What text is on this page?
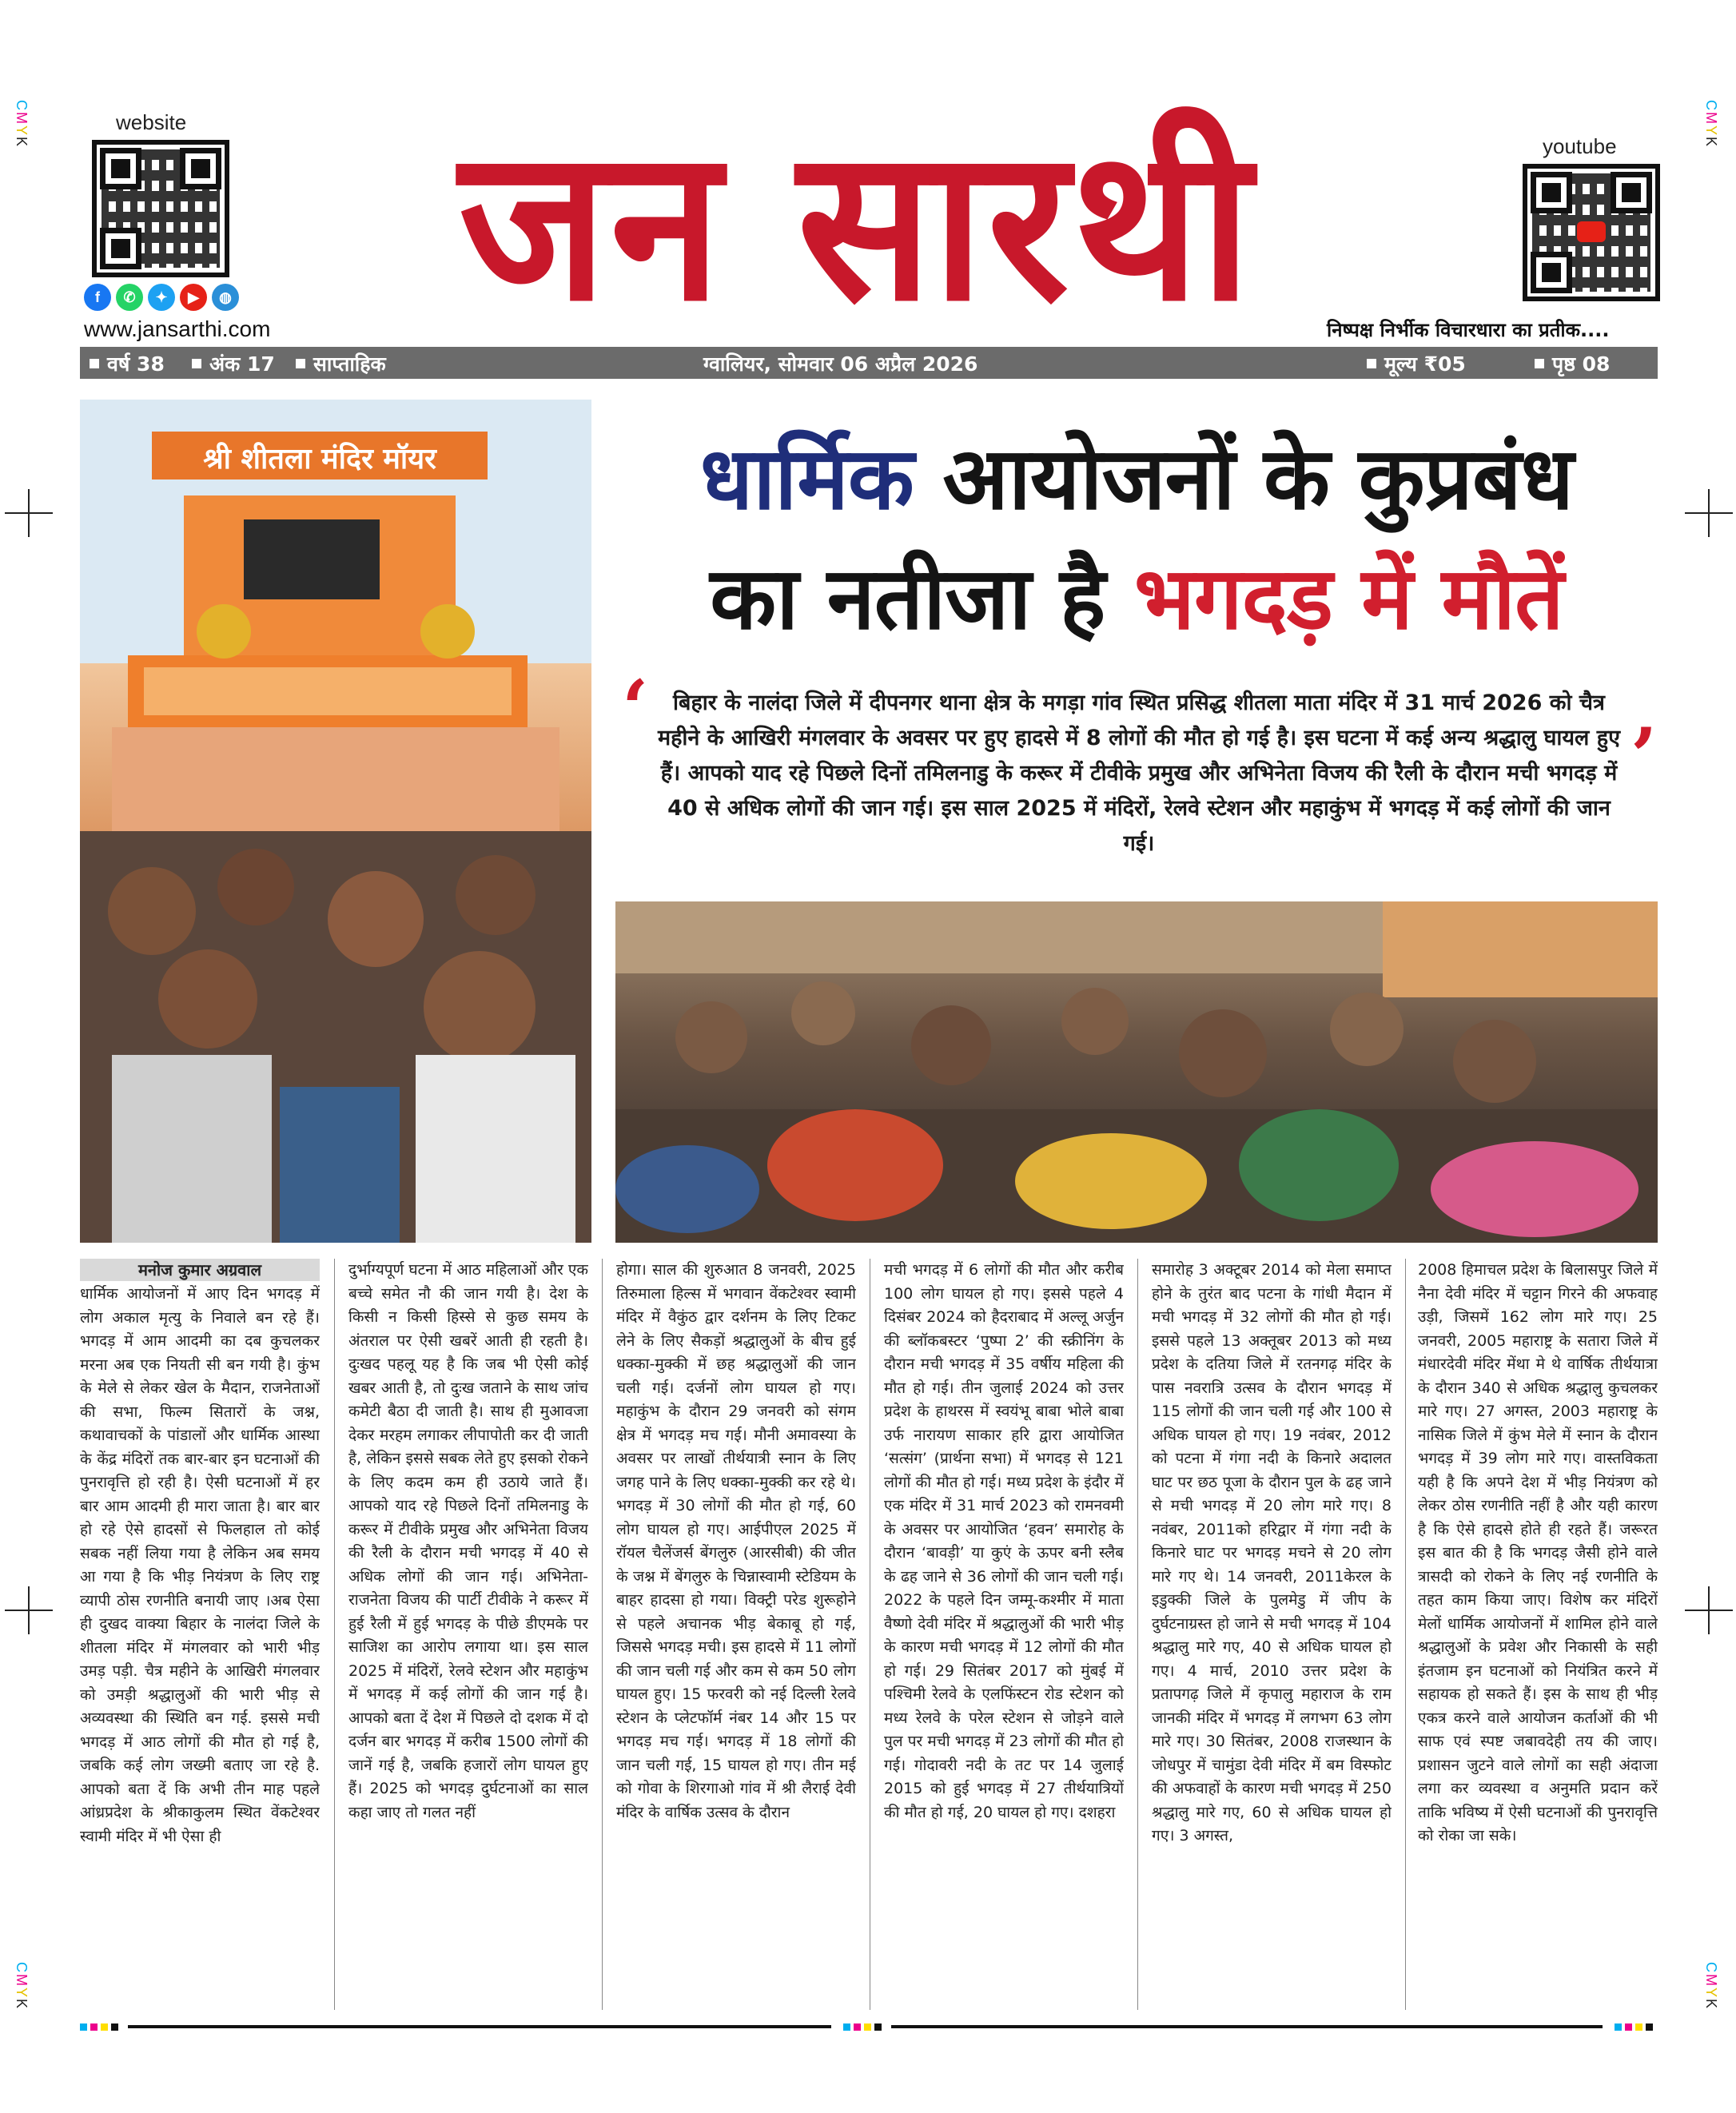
CMYK
CMYK
CMYK
CMYK
website
f	✆	✦	▶	◍
www.jansarthi.com जन सारथी	youtube
निष्पक्ष निर्भीक विचारधारा का प्रतीक....
वर्ष 38	अंक 17	साप्ताहिक	ग्वालियर, सोमवार 06 अप्रैल 2026	मूल्य ₹05	पृष्ठ 08
श्री शीतला मंदिर मॉयर	धार्मिक आयोजनों के कुप्रबंध
का नतीजा है भगदड़ में मौतें
‘
’
बिहार के नालंदा जिले में दीपनगर थाना क्षेत्र के मगड़ा गांव स्थित प्रसिद्ध शीतला माता मंदिर में 31 मार्च 2026 को चैत्र महीने के आखिरी मंगलवार के अवसर पर हुए हादसे में 8 लोगों की मौत हो गई है। इस घटना में कई अन्य श्रद्धालु घायल हुए हैं। आपको याद रहे पिछले दिनों तमिलनाडु के करूर में टीवीके प्रमुख और अभिनेता विजय की रैली के दौरान मची भगदड़ में 40 से अधिक लोगों की जान गई। इस साल 2025 में मंदिरों, रेलवे स्टेशन और महाकुंभ में भगदड़ में कई लोगों की जान गई।
मनोज कुमार अग्रवाल
धार्मिक आयोजनों में आए दिन भगदड़ में लोग अकाल मृत्यु के निवाले बन रहे हैं। भगदड़ में आम आदमी का दब कुचलकर मरना अब एक नियती सी बन गयी है। कुंभ के मेले से लेकर खेल के मैदान, राजनेताओं की सभा, फिल्म सितारों के जश्न, कथावाचकों के पांडालों और धार्मिक आस्था के केंद्र मंदिरों तक बार-बार इन घटनाओं की पुनरावृत्ति हो रही है। ऐसी घटनाओं में हर बार आम आदमी ही मारा जाता है। बार बार हो रहे ऐसे हादसों से फिलहाल तो कोई सबक नहीं लिया गया है लेकिन अब समय आ गया है कि भीड़ नियंत्रण के लिए राष्ट्र व्यापी ठोस रणनीति बनायी जाए ।अब ऐसा ही दुखद वाक्या बिहार के नालंदा जिले के शीतला मंदिर में मंगलवार को भारी भीड़ उमड़ पड़ी. चैत्र महीने के आखिरी मंगलवार को उमड़ी श्रद्धालुओं की भारी भीड़ से अव्यवस्था की स्थिति बन गई. इससे मची भगदड़ में आठ लोगों की मौत हो गई है, जबकि कई लोग जख्मी बताए जा रहे है. आपको बता दें कि अभी तीन माह पहले आंध्रप्रदेश के श्रीकाकुलम स्थित वेंकटेश्वर स्वामी मंदिर में भी ऐसा ही
दुर्भाग्यपूर्ण घटना में आठ महिलाओं और एक बच्चे समेत नौ की जान गयी है। देश के किसी न किसी हिस्से से कुछ समय के अंतराल पर ऐसी खबरें आती ही रहती है। दुःखद पहलू यह है कि जब भी ऐसी कोई खबर आती है, तो दुःख जताने के साथ जांच कमेटी बैठा दी जाती है। साथ ही मुआवजा देकर मरहम लगाकर लीपापोती कर दी जाती है, लेकिन इससे सबक लेते हुए इसको रोकने के लिए कदम कम ही उठाये जाते हैं। आपको याद रहे पिछले दिनों तमिलनाडु के करूर में टीवीके प्रमुख और अभिनेता विजय की रैली के दौरान मची भगदड़ में 40 से अधिक लोगों की जान गई। अभिनेता-राजनेता विजय की पार्टी टीवीके ने करूर में हुई रैली में हुई भगदड़ के पीछे डीएमके पर साजिश का आरोप लगाया था। इस साल 2025 में मंदिरों, रेलवे स्टेशन और महाकुंभ में भगदड़ में कई लोगों की जान गई है। आपको बता दें देश में पिछले दो दशक में दो दर्जन बार भगदड़ में करीब 1500 लोगों की जानें गई है, जबकि हजारों लोग घायल हुए हैं। 2025 को भगदड़ दुर्घटनाओं का साल कहा जाए तो गलत नहीं
होगा। साल की शुरुआत 8 जनवरी, 2025 तिरुमाला हिल्स में भगवान वेंकटेश्वर स्वामी मंदिर में वैकुंठ द्वार दर्शनम के लिए टिकट लेने के लिए सैकड़ों श्रद्धालुओं के बीच हुई धक्का-मुक्की में छह श्रद्धालुओं की जान चली गई। दर्जनों लोग घायल हो गए। महाकुंभ के दौरान 29 जनवरी को संगम क्षेत्र में भगदड़ मच गई। मौनी अमावस्या के अवसर पर लाखों तीर्थयात्री स्नान के लिए जगह पाने के लिए धक्का-मुक्की कर रहे थे। भगदड़ में 30 लोगों की मौत हो गई, 60 लोग घायल हो गए। आईपीएल 2025 में रॉयल चैलेंजर्स बेंगलुरु (आरसीबी) की जीत के जश्न में बेंगलुरु के चिन्नास्वामी स्टेडियम के बाहर हादसा हो गया। विक्ट्री परेड शुरूहोने से पहले अचानक भीड़ बेकाबू हो गई, जिससे भगदड़ मची। इस हादसे में 11 लोगों की जान चली गई और कम से कम 50 लोग घायल हुए। 15 फरवरी को नई दिल्ली रेलवे स्टेशन के प्लेटफॉर्म नंबर 14 और 15 पर भगदड़ मच गई। भगदड़ में 18 लोगों की जान चली गई, 15 घायल हो गए। तीन मई को गोवा के शिरगाओ गांव में श्री लैराई देवी मंदिर के वार्षिक उत्सव के दौरान
मची भगदड़ में 6 लोगों की मौत और करीब 100 लोग घायल हो गए। इससे पहले 4 दिसंबर 2024 को हैदराबाद में अल्लू अर्जुन की ब्लॉकबस्टर ‘पुष्पा 2’ की स्क्रीनिंग के दौरान मची भगदड़ में 35 वर्षीय महिला की मौत हो गई। तीन जुलाई 2024 को उत्तर प्रदेश के हाथरस में स्वयंभू बाबा भोले बाबा उर्फ नारायण साकार हरि द्वारा आयोजित ‘सत्संग’ (प्रार्थना सभा) में भगदड़ से 121 लोगों की मौत हो गई। मध्य प्रदेश के इंदौर में एक मंदिर में 31 मार्च 2023 को रामनवमी के अवसर पर आयोजित ‘हवन’ समारोह के दौरान ‘बावड़ी’ या कुएं के ऊपर बनी स्लैब के ढह जाने से 36 लोगों की जान चली गई। 2022 के पहले दिन जम्मू-कश्मीर में माता वैष्णो देवी मंदिर में श्रद्धालुओं की भारी भीड़ के कारण मची भगदड़ में 12 लोगों की मौत हो गई। 29 सितंबर 2017 को मुंबई में पश्चिमी रेलवे के एलफिंस्टन रोड स्टेशन को मध्य रेलवे के परेल स्टेशन से जोड़ने वाले पुल पर मची भगदड़ में 23 लोगों की मौत हो गई। गोदावरी नदी के तट पर 14 जुलाई 2015 को हुई भगदड़ में 27 तीर्थयात्रियों की मौत हो गई, 20 घायल हो गए। दशहरा
समारोह 3 अक्टूबर 2014 को मेला समाप्त होने के तुरंत बाद पटना के गांधी मैदान में मची भगदड़ में 32 लोगों की मौत हो गई। इससे पहले 13 अक्तूबर 2013 को मध्य प्रदेश के दतिया जिले में रतनगढ़ मंदिर के पास नवरात्रि उत्सव के दौरान भगदड़ में 115 लोगों की जान चली गई और 100 से अधिक घायल हो गए। 19 नवंबर, 2012 को पटना में गंगा नदी के किनारे अदालत घाट पर छठ पूजा के दौरान पुल के ढह जाने से मची भगदड़ में 20 लोग मारे गए। 8 नवंबर, 2011को हरिद्वार में गंगा नदी के किनारे घाट पर भगदड़ मचने से 20 लोग मारे गए थे। 14 जनवरी, 2011केरल के इडुक्की जिले के पुलमेडु में जीप के दुर्घटनाग्रस्त हो जाने से मची भगदड़ में 104 श्रद्धालु मारे गए, 40 से अधिक घायल हो गए। 4 मार्च, 2010 उत्तर प्रदेश के प्रतापगढ़ जिले में कृपालु महाराज के राम जानकी मंदिर में भगदड़ में लगभग 63 लोग मारे गए। 30 सितंबर, 2008 राजस्थान के जोधपुर में चामुंडा देवी मंदिर में बम विस्फोट की अफवाहों के कारण मची भगदड़ में 250 श्रद्धालु मारे गए, 60 से अधिक घायल हो गए। 3 अगस्त,
2008 हिमाचल प्रदेश के बिलासपुर जिले में नैना देवी मंदिर में चट्टान गिरने की अफवाह उड़ी, जिसमें 162 लोग मारे गए। 25 जनवरी, 2005 महाराष्ट्र के सतारा जिले में मंधारदेवी मंदिर मेंथा मे थे वार्षिक तीर्थयात्रा के दौरान 340 से अधिक श्रद्धालु कुचलकर मारे गए। 27 अगस्त, 2003 महाराष्ट्र के नासिक जिले में कुंभ मेले में स्नान के दौरान भगदड़ में 39 लोग मारे गए। वास्तविकता यही है कि अपने देश में भीड़ नियंत्रण को लेकर ठोस रणनीति नहीं है और यही कारण है कि ऐसे हादसे होते ही रहते हैं। जरूरत इस बात की है कि भगदड़ जैसी होने वाले त्रासदी को रोकने के लिए नई रणनीति के तहत काम किया जाए। विशेष कर मंदिरों मेलों धार्मिक आयोजनों में शामिल होने वाले श्रद्धालुओं के प्रवेश और निकासी के सही इंतजाम इन घटनाओं को नियंत्रित करने में सहायक हो सकते हैं। इस के साथ ही भीड़ एकत्र करने वाले आयोजन कर्ताओं की भी साफ एवं स्पष्ट जबावदेही तय की जाए। प्रशासन जुटने वाले लोगों का सही अंदाजा लगा कर व्यवस्था व अनुमति प्रदान करें ताकि भविष्य में ऐसी घटनाओं की पुनरावृत्ति को रोका जा सके।
